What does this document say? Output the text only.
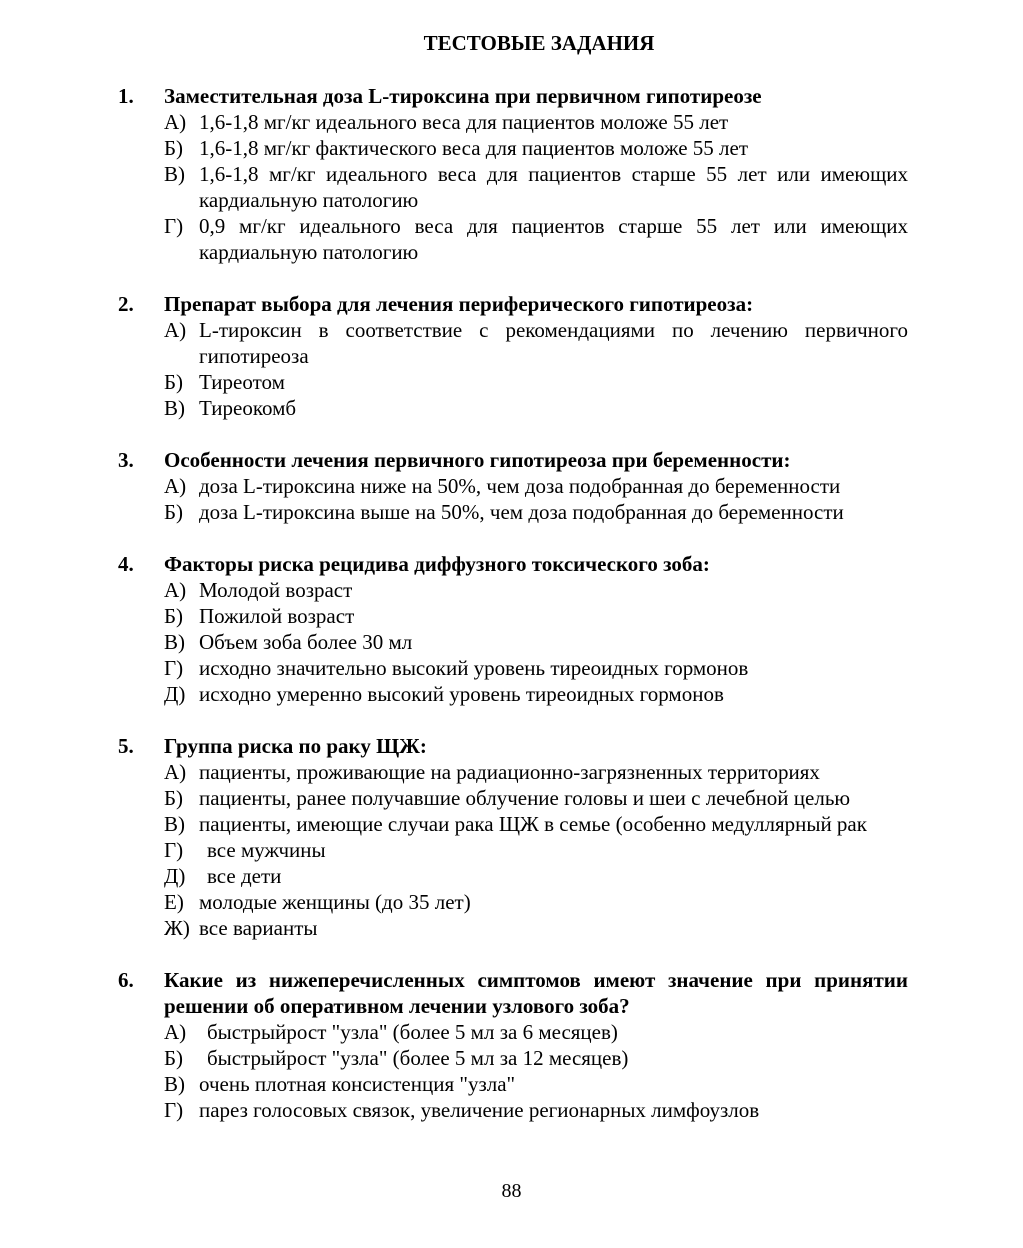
ТЕСТОВЫЕ ЗАДАНИЯ
1. Заместительная доза L-тироксина при первичном гипотиреозе
А) 1,6-1,8 мг/кг идеального веса для пациентов моложе 55 лет
Б) 1,6-1,8 мг/кг фактического веса для пациентов моложе 55 лет
В) 1,6-1,8 мг/кг идеального веса для пациентов старше 55 лет или имеющих кардиальную патологию
Г) 0,9 мг/кг идеального веса для пациентов старше 55 лет или имеющих кардиальную патологию
2. Препарат выбора для лечения периферического гипотиреоза:
А) L-тироксин в соответствие с рекомендациями по лечению первичного гипотиреоза
Б) Тиреотом
В) Тиреокомб
3. Особенности лечения первичного гипотиреоза при беременности:
А) доза L-тироксина ниже на 50%, чем доза подобранная до беременности
Б) доза L-тироксина выше на 50%, чем доза подобранная до беременности
4. Факторы риска рецидива диффузного токсического зоба:
А) Молодой возраст
Б) Пожилой возраст
В) Объем зоба более 30 мл
Г) исходно значительно высокий уровень тиреоидных гормонов
Д) исходно умеренно высокий уровень тиреоидных гормонов
5. Группа риска по раку ЩЖ:
А) пациенты, проживающие на радиационно-загрязненных территориях
Б) пациенты, ранее получавшие облучение головы и шеи с лечебной целью
В) пациенты, имеющие случаи рака ЩЖ в семье (особенно медуллярный рак
Г)	все мужчины
Д)	все дети
Е) молодые женщины (до 35 лет)
Ж) все варианты
6. Какие из нижеперечисленных симптомов имеют значение при принятии решении об оперативном лечении узлового зоба?
А) быстрыйрост "узла" (более 5 мл за 6 месяцев)
Б)	быстрыйрост "узла" (более 5 мл за 12 месяцев)
В) очень плотная консистенция "узла"
Г) парез голосовых связок, увеличение регионарных лимфоузлов
88
